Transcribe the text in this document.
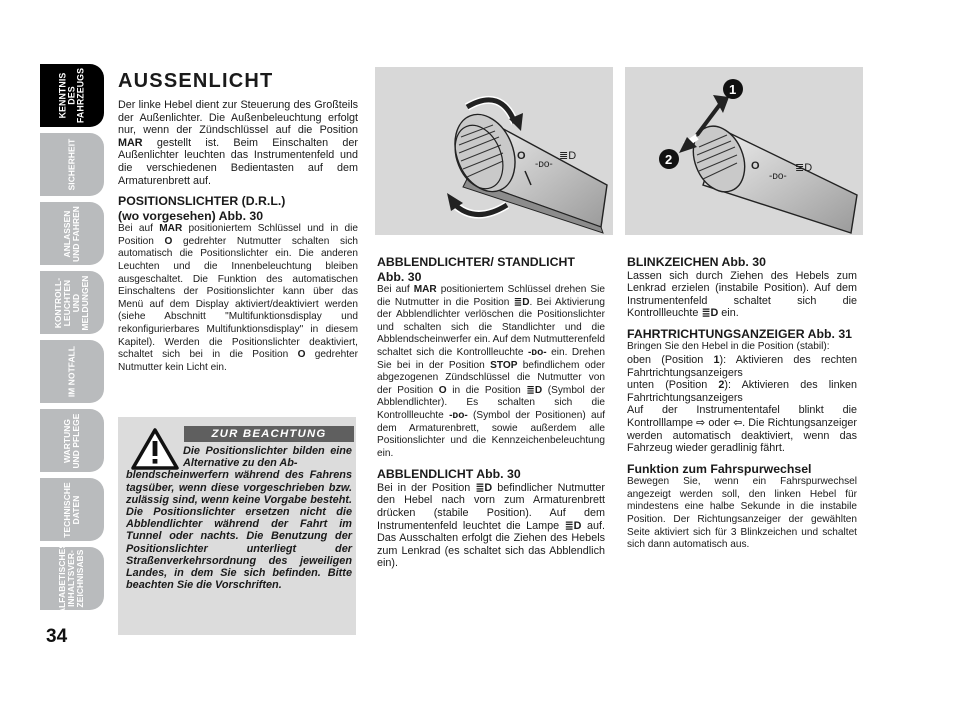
KENNTNIS DES
FAHRZEUGS
SICHERHEIT
ANLASSEN
UND FAHREN
KONTROLL-
LEUCHTEN UND
MELDUNGEN
IM NOTFALL
WARTUNG
UND PFLEGE
TECHNISCHE
DATEN
ALFABETISCHES
INHALTSVER-
ZEICHNISABS
34
AUSSENLICHT

Der linke Hebel dient zur Steuerung des Großteils der Außenlichter. Die Außenbeleuchtung erfolgt nur, wenn der Zündschlüssel auf die Position MAR gestellt ist. Beim Einschalten der Außenlichter leuchten das Instrumentenfeld und die verschiedenen Bedientasten auf dem Armaturenbrett auf.

POSITIONSLICHTER (D.R.L.)
(wo vorgesehen) Abb. 30

Bei auf MAR positioniertem Schlüssel und in die Position O gedrehter Nutmutter schalten sich automatisch die Positionslichter ein. Die anderen Leuchten und die Innenbeleuchtung bleiben ausgeschaltet. Die Funktion des automatischen Einschaltens der Positionslichter kann über das Menü auf dem Display aktiviert/deaktiviert werden (siehe Abschnitt "Multifunktionsdisplay und rekonfigurierbares Multifunktionsdisplay" in diesem Kapitel). Werden die Positionslichter deaktiviert, schaltet sich bei in die Position O gedrehter Nutmutter kein Licht ein.

ZUR BEACHTUNG
Die Positionslichter bilden eine Alternative zu den Ab-
blendscheinwerfern während des Fahrens tagsüber, wenn diese vorgeschrieben bzw. zulässig sind, wenn keine Vorgabe besteht. Die Positionslichter ersetzen nicht die Abblendlichter während der Fahrt im Tunnel oder nachts. Die Benutzung der Positionslichter unterliegt der Straßenverkehrsordnung des jeweiligen Landes, in dem Sie sich befinden. Bitte beachten Sie die Vorschriften.
O
-ᴅᴏ-
≣D
O
-ᴅᴏ-
≣D
1
2
ABBLENDLICHTER/ STANDLICHT Abb. 30

Bei auf MAR positioniertem Schlüssel drehen Sie die Nutmutter in die Position ≣D. Bei Aktivierung der Abblendlichter verlöschen die Positionslichter und schalten sich die Standlichter und die Abblendscheinwerfer ein. Auf dem Nutmutterenfeld schaltet sich die Kontrollleuchte -ᴅᴏ- ein. Drehen Sie bei in der Position STOP befindlichem oder abgezogenen Zündschlüssel die Nutmutter von der Position O in die Position ≣D (Symbol der Abblendlichter). Es schalten sich die Kontrollleuchte -ᴅᴏ- (Symbol der Positionen) auf dem Armaturenbrett, sowie außerdem alle Positionslichter und die Kennzeichenbeleuchtung ein.

ABBLENDLICHT Abb. 30

Bei in der Position ≣D befindlicher Nutmutter den Hebel nach vorn zum Armaturenbrett drücken (stabile Position). Auf dem Instrumentenfeld leuchtet die Lampe ≣D auf. Das Ausschalten erfolgt die Ziehen des Hebels zum Lenkrad (es schaltet sich das Abblendlich ein).

BLINKZEICHEN Abb. 30

Lassen sich durch Ziehen des Hebels zum Lenkrad erzielen (instabile Position). Auf dem Instrumentenfeld schaltet sich die Kontrollleuchte ≣D ein.

FAHRTRICHTUNGSANZEIGER Abb. 31

Bringen Sie den Hebel in die Position (stabil):

oben (Position 1): Aktivieren des rechten Fahrtrichtungsanzeigers

unten (Position 2): Aktivieren des linken Fahrtrichtungsanzeigers

Auf der Instrumententafel blinkt die Kontrolllampe ⇨ oder ⇦. Die Richtungsanzeiger werden automatisch deaktiviert, wenn das Fahrzeug wieder geradlinig fährt.

Funktion zum Fahrspurwechsel

Bewegen Sie, wenn ein Fahrspurwechsel angezeigt werden soll, den linken Hebel für mindestens eine halbe Sekunde in die instabile Position. Der Richtungsanzeiger der gewählten Seite aktiviert sich für 3 Blinkzeichen und schaltet sich dann automatisch aus.
